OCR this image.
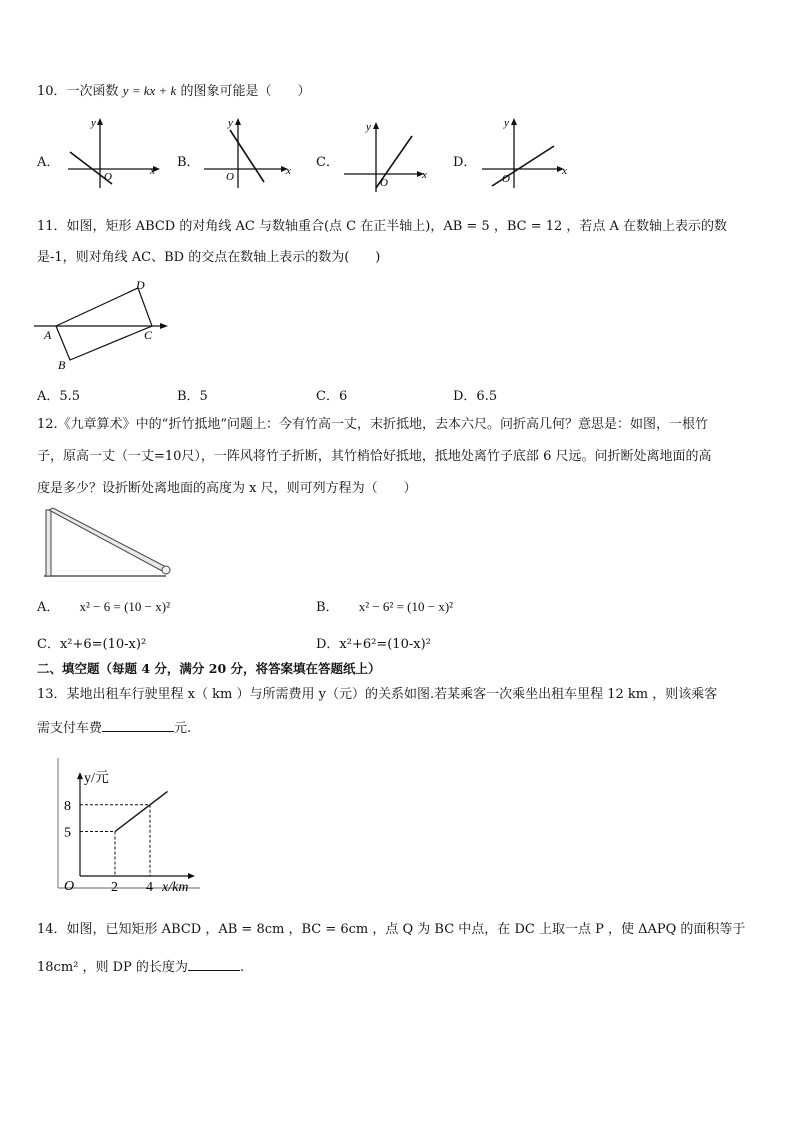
10．一次函数 y = kx + k 的图象可能是（　　）
A．	B．	C．	D．
y
x
O
y
x
O
y
x
O
y
x
O
11．如图，矩形 ABCD 的对角线 AC 与数轴重合(点 C 在正半轴上)，AB = 5 ，BC = 12 ，若点 A 在数轴上表示的数
是-1，则对角线 AC、BD 的交点在数轴上表示的数为(　　)
A
B
C
D
A．5.5	B．5	C．6	D．6.5
12.《九章算术》中的“折竹抵地”问题上：今有竹高一丈，末折抵地，去本六尺。问折高几何？意思是：如图，一根竹
子，原高一丈（一丈=10尺），一阵风将竹子折断，其竹梢恰好抵地，抵地处离竹子底部 6 尺远。问折断处离地面的高
度是多少？设折断处离地面的高度为 x 尺，则可列方程为（　　）
A． x² − 6 = (10 − x)²	B． x² − 6² = (10 − x)²
C．x²+6=(10-x)²	D．x²+6²=(10-x)²
二、填空题（每题 4 分，满分 20 分，将答案填在答题纸上）
13．某地出租车行驶里程 x（ km ）与所需费用 y（元）的关系如图.若某乘客一次乘坐出租车里程 12 km ，则该乘客
需支付车费	元.
y/元
x/km
O
8
5
2 4
14．如图，已知矩形 ABCD ，AB = 8cm ，BC = 6cm ，点 Q 为 BC 中点，在 DC 上取一点 P ，使 ΔAPQ 的面积等于
18cm² ，则 DP 的长度为	.
